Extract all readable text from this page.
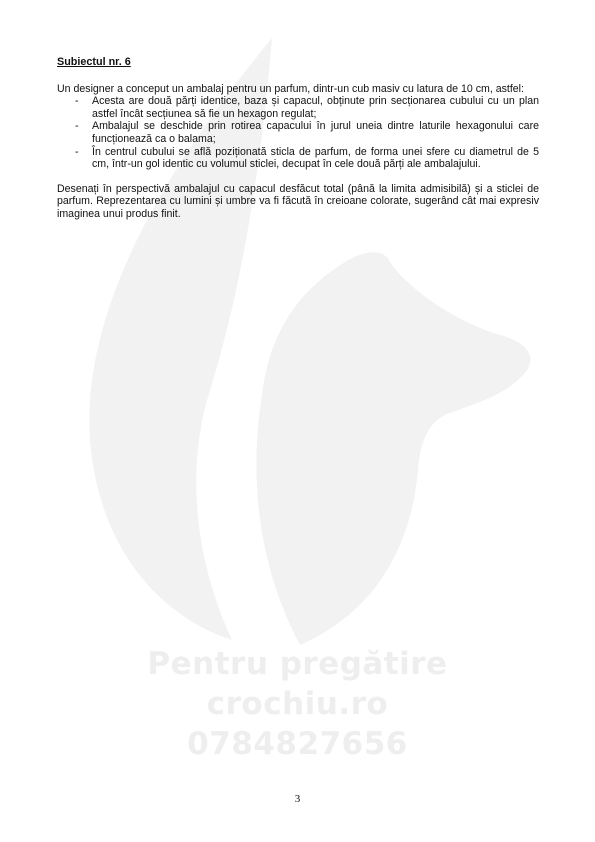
Subiectul nr. 6

Un designer a conceput un ambalaj pentru un parfum, dintr-un cub masiv cu latura de 10 cm, astfel:

- Acesta are două părți identice, baza și capacul, obținute prin secționarea cubului cu un plan astfel încât secțiunea să fie un hexagon regulat;
- Ambalajul se deschide prin rotirea capacului în jurul uneia dintre laturile hexagonului care funcționează ca o balama;
- În centrul cubului se află poziționată sticla de parfum, de forma unei sfere cu diametrul de 5 cm, într-un gol identic cu volumul sticlei, decupat în cele două părți ale ambalajului.

Desenați în perspectivă ambalajul cu capacul desfăcut total (până la limita admisibilă) și a sticlei de parfum. Reprezentarea cu lumini și umbre va fi făcută în creioane colorate, sugerând cât mai expresiv imaginea unui produs finit.

Pentru pregătire
crochiu.ro
0784827656
3
